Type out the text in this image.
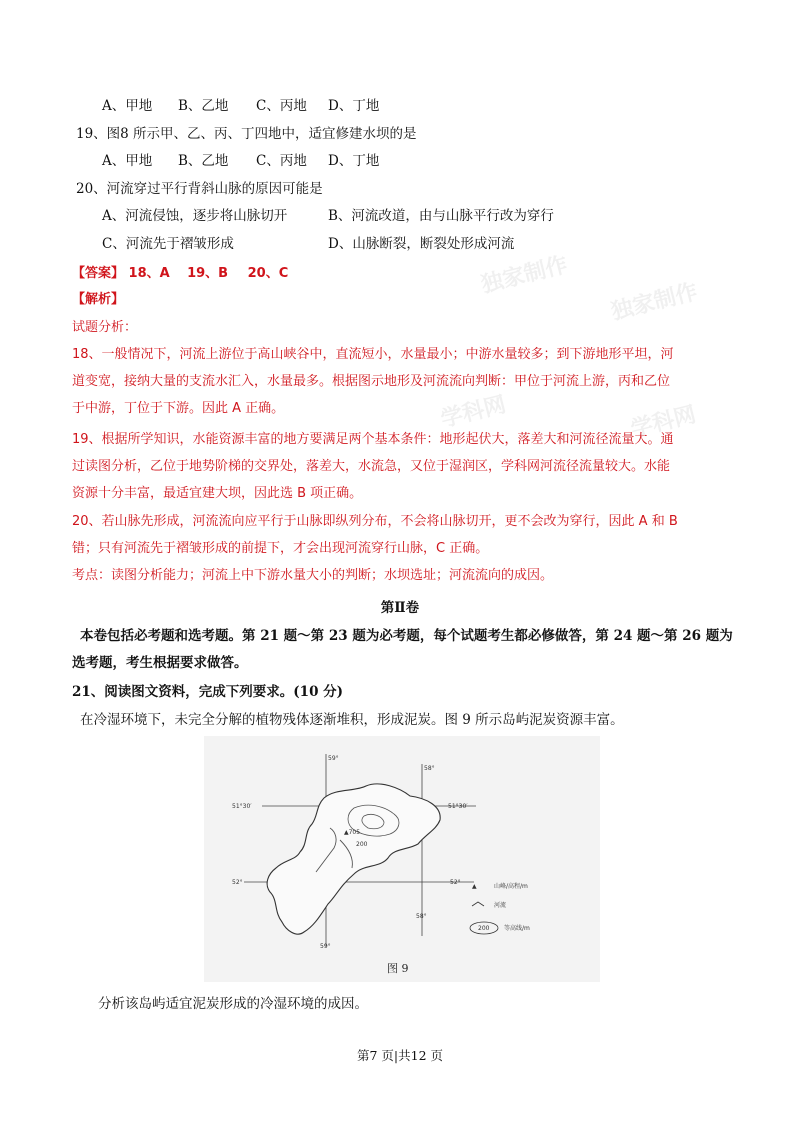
A、甲地 B、乙地 C、丙地 D、丁地
19、图8 所示甲、乙、丙、丁四地中，适宜修建水坝的是
A、甲地 B、乙地 C、丙地 D、丁地
20、河流穿过平行背斜山脉的原因可能是
A、河流侵蚀，逐步将山脉切开	B、河流改道，由与山脉平行改为穿行
C、河流先于褶皱形成	D、山脉断裂，断裂处形成河流
独家制作
独家制作
学科网	学科网
【答案】 18、A 19、B 20、C
【解析】
试题分析：
18、一般情况下，河流上游位于高山峡谷中，直流短小，水量最小；中游水量较多；到下游地形平坦，河
道变宽，接纳大量的支流水汇入，水量最多。根据图示地形及河流流向判断：甲位于河流上游，丙和乙位
于中游，丁位于下游。因此 A 正确。
19、根据所学知识，水能资源丰富的地方要满足两个基本条件：地形起伏大，落差大和河流径流量大。通
过读图分析，乙位于地势阶梯的交界处，落差大，水流急，又位于湿润区，学科网河流径流量较大。水能
资源十分丰富，最适宜建大坝，因此选 B 项正确。
20、若山脉先形成，河流流向应平行于山脉即纵列分布，不会将山脉切开，更不会改为穿行，因此 A 和 B
错；只有河流先于褶皱形成的前提下，才会出现河流穿行山脉，C 正确。
考点：读图分析能力；河流上中下游水量大小的判断；水坝选址；河流流向的成因。
第Ⅱ卷
本卷包括必考题和选考题。第 21 题～第 23 题为必考题，每个试题考生都必修做答，第 24 题～第 26 题为
选考题，考生根据要求做答。
21、阅读图文资料，完成下列要求。(10 分)
在冷湿环境下，未完全分解的植物残体逐渐堆积，形成泥炭。图 9 所示岛屿泥炭资源丰富。
59°
58°
51°30′	51°30′
52°	52°
58°
59°
▲705
200
▲	山峰/高程/m
河流
200 等高线/m
图 9
分析该岛屿适宜泥炭形成的冷湿环境的成因。
第7 页|共12 页
